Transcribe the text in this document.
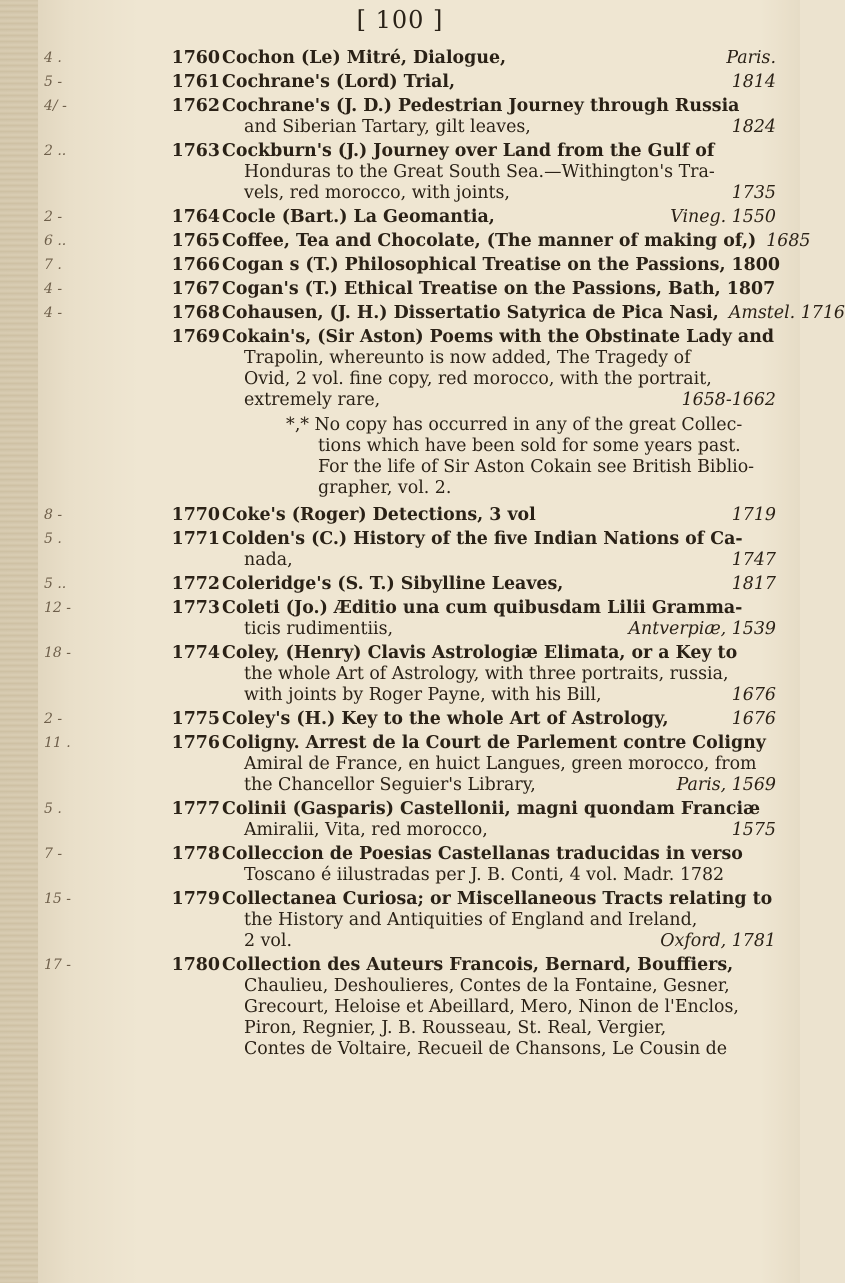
[ 100 ]
4 .	1760 Cochon (Le) Mitré, Dialogue,	Paris.
5 -	1761 Cochrane's (Lord) Trial,	1814
4/ -	1762 Cochrane's (J. D.) Pedestrian Journey through Russia
and Siberian Tartary, gilt leaves,	1824
2 ..	1763 Cockburn's (J.) Journey over Land from the Gulf of
Honduras to the Great South Sea.—Withington's Tra-
vels, red morocco, with joints,	1735
2 -	1764 Cocle (Bart.) La Geomantia,	Vineg. 1550
6 ..	1765 Coffee, Tea and Chocolate, (The manner of making of,) 1685
7 .	1766 Cogan s (T.) Philosophical Treatise on the Passions, 1800
4 -	1767 Cogan's (T.) Ethical Treatise on the Passions, Bath, 1807
4 -	1768 Cohausen, (J. H.) Dissertatio Satyrica de Pica Nasi, Amstel. 1716
1769 Cokain's, (Sir Aston) Poems with the Obstinate Lady and
Trapolin, whereunto is now added, The Tragedy of
Ovid, 2 vol. fine copy, red morocco, with the portrait,
extremely rare,	1658-1662
*‚* No copy has occurred in any of the great Collec-
tions which have been sold for some years past.
For the life of Sir Aston Cokain see British Biblio-
grapher, vol. 2.
8 -	1770 Coke's (Roger) Detections, 3 vol	1719
5 .	1771 Colden's (C.) History of the five Indian Nations of Ca-
nada,	1747
5 ..	1772 Coleridge's (S. T.) Sibylline Leaves,	1817
12 -	1773 Coleti (Jo.) Æditio una cum quibusdam Lilii Gramma-
ticis rudimentiis,	Antverpiæ, 1539
18 -	1774 Coley, (Henry) Clavis Astrologiæ Elimata, or a Key to
the whole Art of Astrology, with three portraits, russia,
with joints by Roger Payne, with his Bill,	1676
2 -	1775 Coley's (H.) Key to the whole Art of Astrology,	1676
11 .	1776 Coligny. Arrest de la Court de Parlement contre Coligny
Amiral de France, en huict Langues, green morocco, from
the Chancellor Seguier's Library,	Paris, 1569
5 .	1777 Colinii (Gasparis) Castellonii, magni quondam Franciæ
Amiralii, Vita, red morocco,	1575
7 -	1778 Colleccion de Poesias Castellanas traducidas in verso
Toscano é iilustradas per J. B. Conti, 4 vol. Madr. 1782
15 -	1779 Collectanea Curiosa; or Miscellaneous Tracts relating to
the History and Antiquities of England and Ireland,
2 vol.	Oxford, 1781
17 -	1780 Collection des Auteurs Francois, Bernard, Bouffiers,
Chaulieu, Deshoulieres, Contes de la Fontaine, Gesner,
Grecourt, Heloise et Abeillard, Mero, Ninon de l'Enclos,
Piron, Regnier, J. B. Rousseau, St. Real, Vergier,
Contes de Voltaire, Recueil de Chansons, Le Cousin de
